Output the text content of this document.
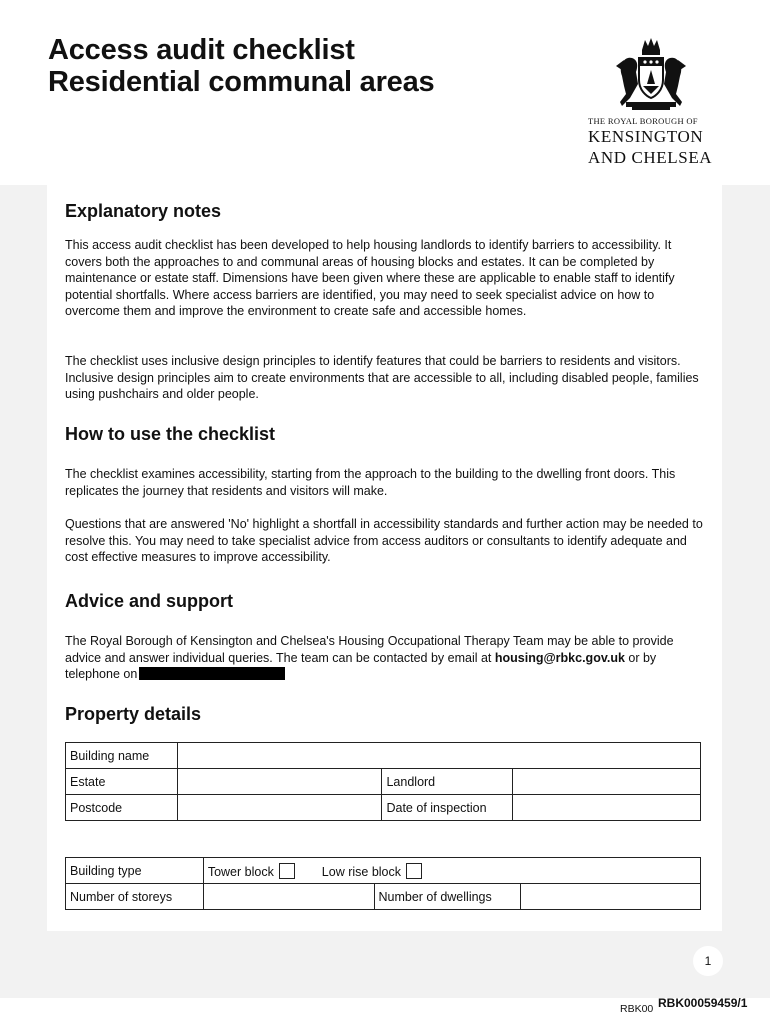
Access audit checklist
Residential communal areas
THE ROYAL BOROUGH OF
KENSINGTON
AND CHELSEA
Explanatory notes

This access audit checklist has been developed to help housing landlords to identify barriers to accessibility. It covers both the approaches to and communal areas of housing blocks and estates. It can be completed by maintenance or estate staff. Dimensions have been given where these are applicable to enable staff to identify potential shortfalls. Where access barriers are identified, you may need to seek specialist advice on how to overcome them and improve the environment to create safe and accessible homes.

The checklist uses inclusive design principles to identify features that could be barriers to residents and visitors. Inclusive design principles aim to create environments that are accessible to all, including disabled people, families using pushchairs and older people.

How to use the checklist

The checklist examines accessibility, starting from the approach to the building to the dwelling front doors. This replicates the journey that residents and visitors will make.

Questions that are answered 'No' highlight a shortfall in accessibility standards and further action may be needed to resolve this. You may need to take specialist advice from access auditors or consultants to identify adequate and cost effective measures to improve accessibility.

Advice and support

The Royal Borough of Kensington and Chelsea's Housing Occupational Therapy Team may be able to provide advice and answer individual queries. The team can be contacted by email at housing@rbkc.gov.uk or by telephone on

Property details
Building name			
Estate		Landlord	
Postcode		Date of inspection	
Building type	Tower block Low rise block		
Number of storeys		Number of dwellings	
1
RBK00 RBK00059459/1
